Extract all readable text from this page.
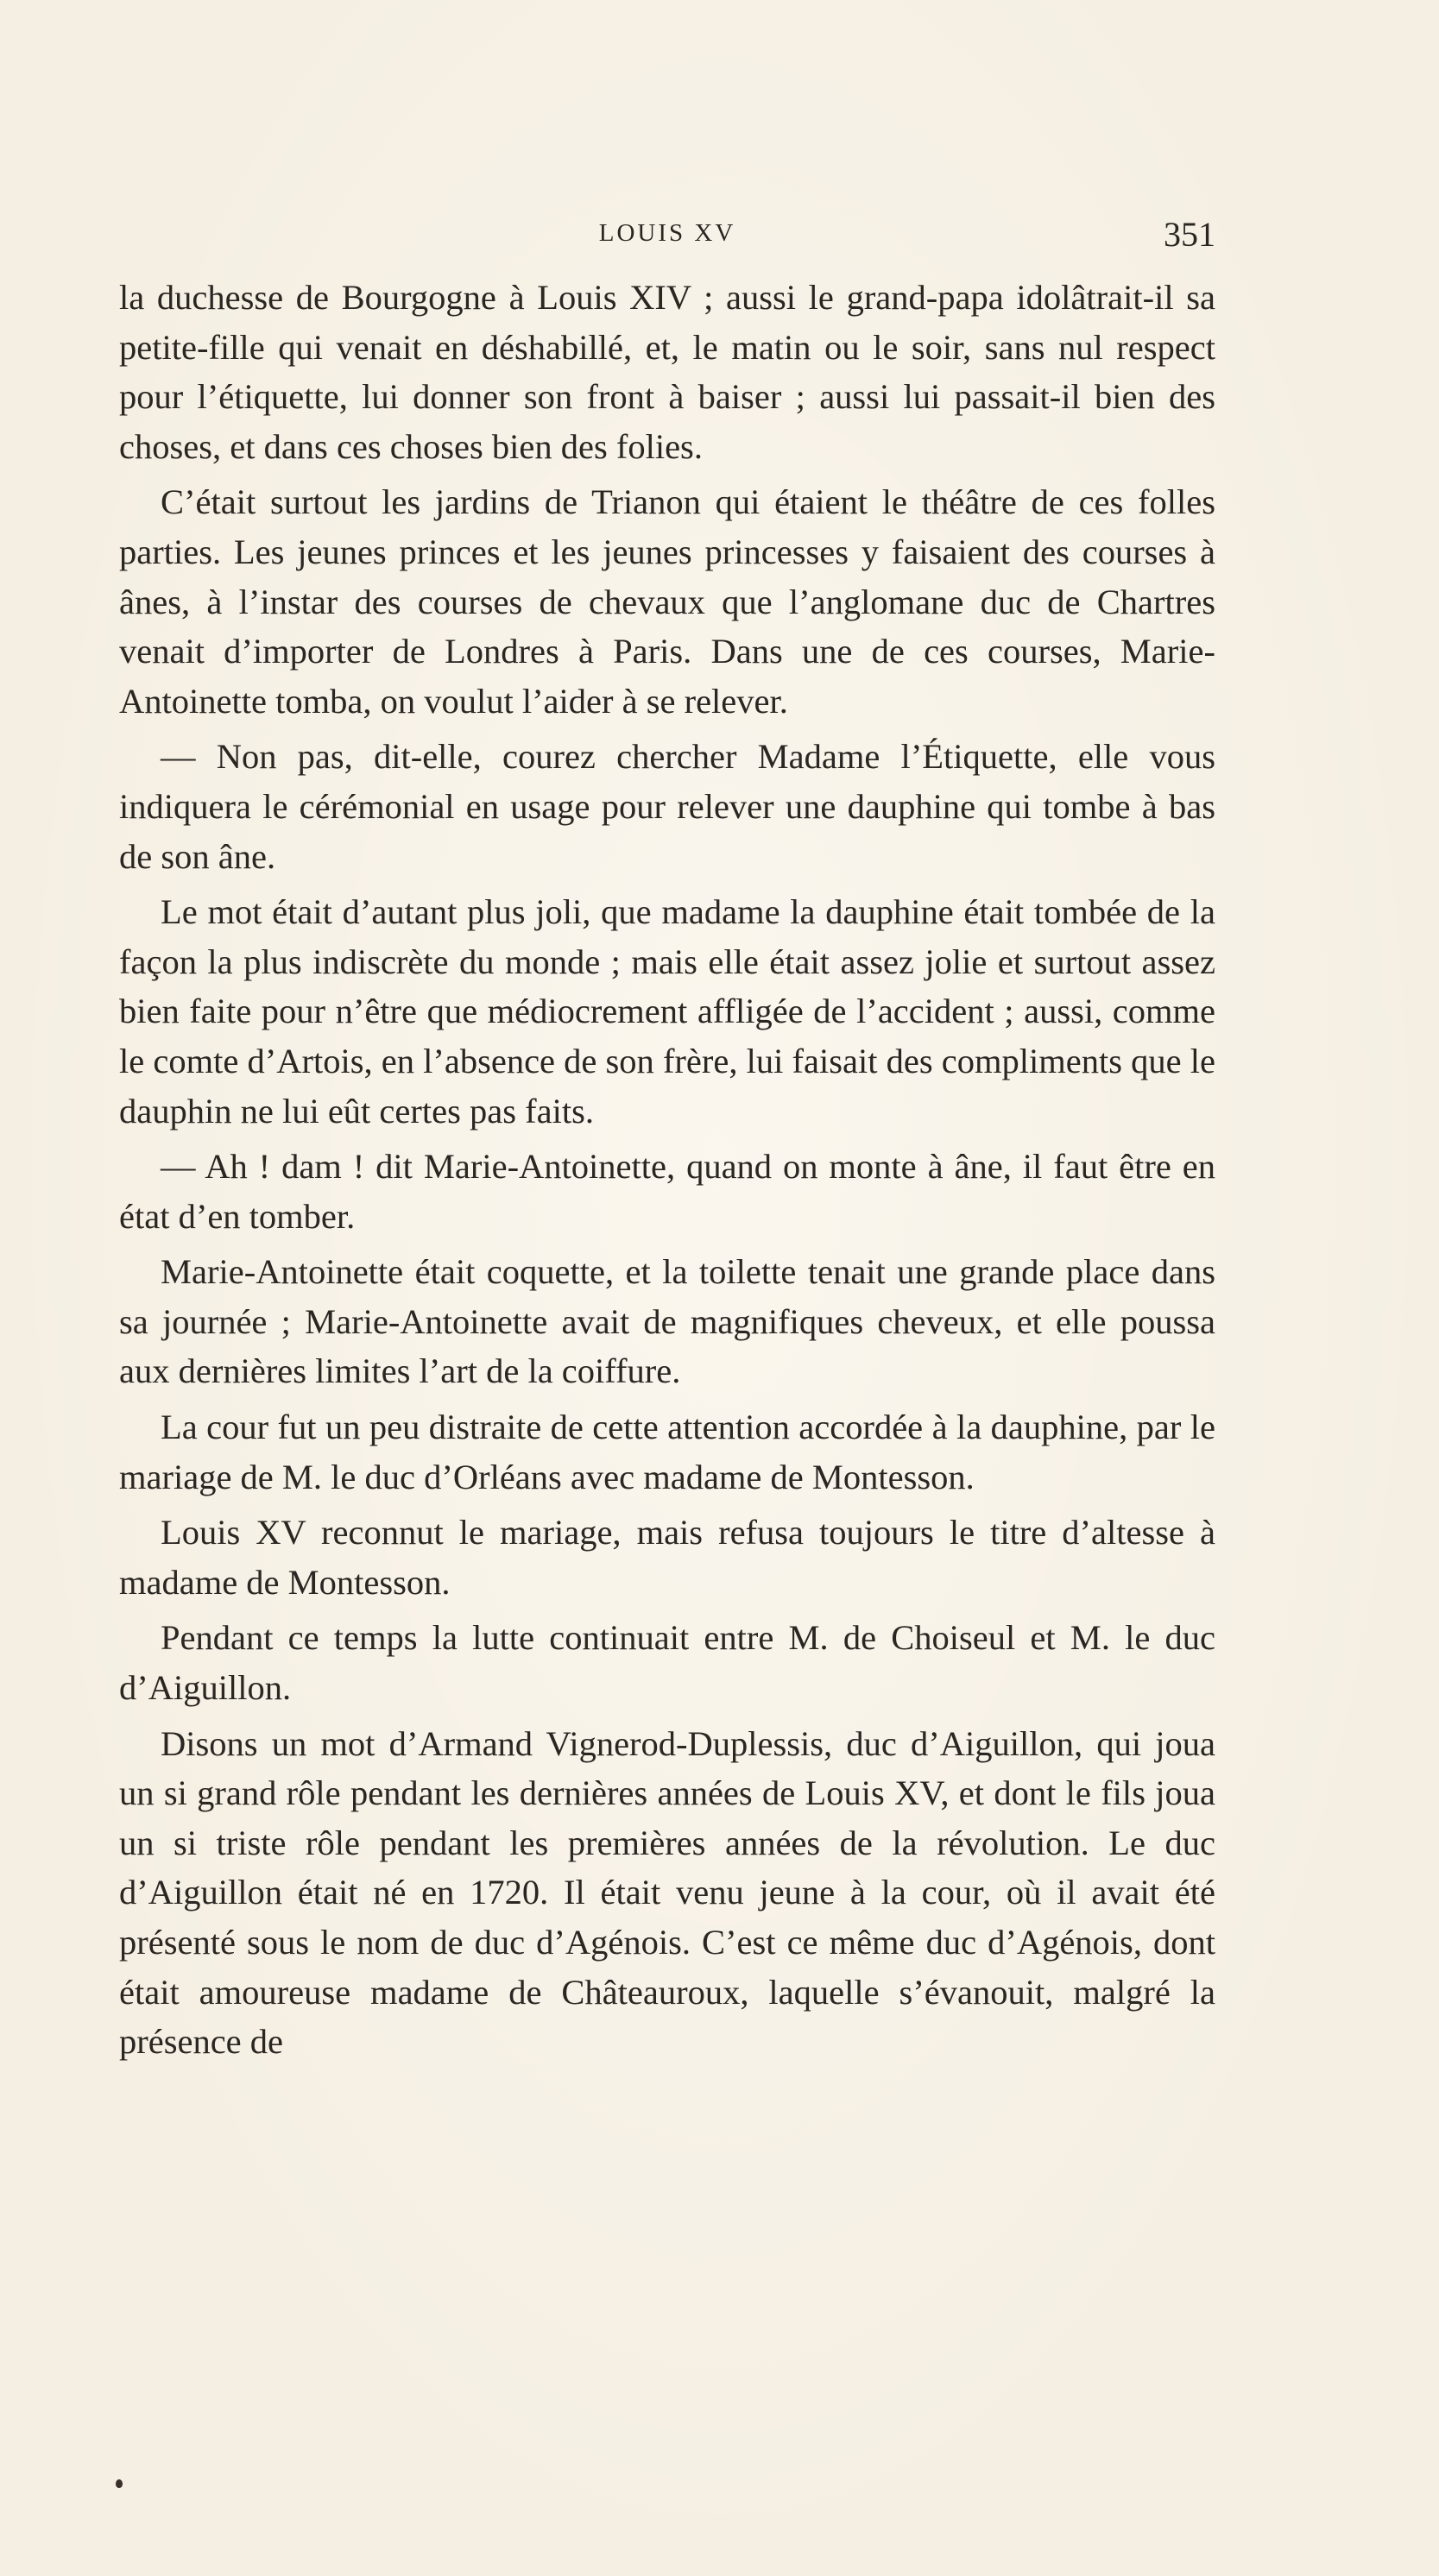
LOUIS XV	351

la duchesse de Bourgogne à Louis XIV ; aussi le grand-papa idolâtrait-il sa petite-fille qui venait en déshabillé, et, le matin ou le soir, sans nul respect pour l’étiquette, lui donner son front à baiser ; aussi lui passait-il bien des choses, et dans ces choses bien des folies.

C’était surtout les jardins de Trianon qui étaient le théâtre de ces folles parties. Les jeunes princes et les jeunes princesses y faisaient des courses à ânes, à l’instar des courses de chevaux que l’anglomane duc de Chartres venait d’importer de Londres à Paris. Dans une de ces courses, Marie-Antoinette tomba, on voulut l’aider à se relever.

— Non pas, dit-elle, courez chercher Madame l’Étiquette, elle vous indiquera le cérémonial en usage pour relever une dauphine qui tombe à bas de son âne.

Le mot était d’autant plus joli, que madame la dauphine était tombée de la façon la plus indiscrète du monde ; mais elle était assez jolie et surtout assez bien faite pour n’être que médiocrement affligée de l’accident ; aussi, comme le comte d’Artois, en l’absence de son frère, lui faisait des compliments que le dauphin ne lui eût certes pas faits.

— Ah ! dam ! dit Marie-Antoinette, quand on monte à âne, il faut être en état d’en tomber.

Marie-Antoinette était coquette, et la toilette tenait une grande place dans sa journée ; Marie-Antoinette avait de magnifiques cheveux, et elle poussa aux dernières limites l’art de la coiffure.

La cour fut un peu distraite de cette attention accordée à la dauphine, par le mariage de M. le duc d’Orléans avec madame de Montesson.

Louis XV reconnut le mariage, mais refusa toujours le titre d’altesse à madame de Montesson.

Pendant ce temps la lutte continuait entre M. de Choiseul et M. le duc d’Aiguillon.

Disons un mot d’Armand Vignerod-Duplessis, duc d’Aiguillon, qui joua un si grand rôle pendant les dernières années de Louis XV, et dont le fils joua un si triste rôle pendant les premières années de la révolution. Le duc d’Aiguillon était né en 1720. Il était venu jeune à la cour, où il avait été présenté sous le nom de duc d’Agénois. C’est ce même duc d’Agénois, dont était amoureuse madame de Châteauroux, laquelle s’évanouit, malgré la présence de
